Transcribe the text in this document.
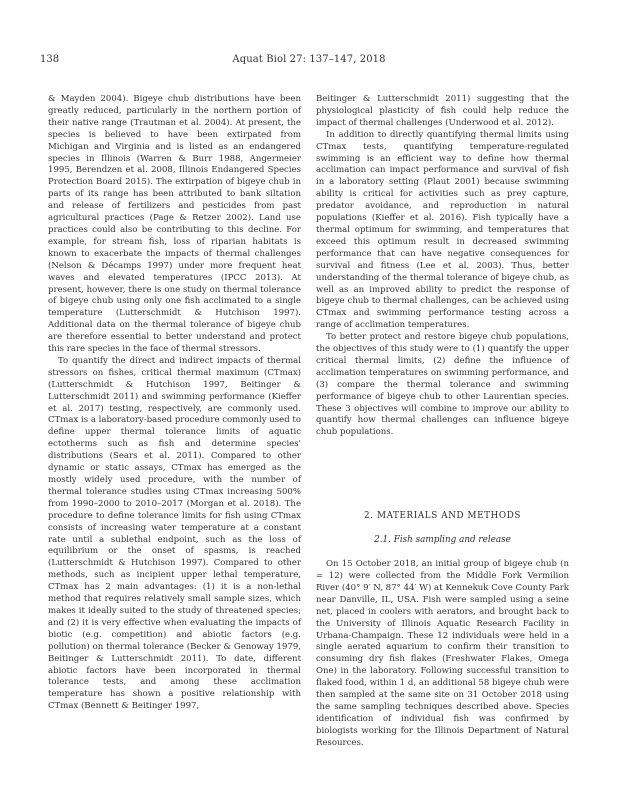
138	Aquat Biol 27: 137–147, 2018

& Mayden 2004). Bigeye chub distributions have been greatly reduced, particularly in the northern portion of their native range (Trautman et al. 2004). At present, the species is believed to have been extirpated from Michigan and Virginia and is listed as an endangered species in Illinois (Warren & Burr 1988, Angermeier 1995, Berendzen et al. 2008, Illinois Endangered Species Protection Board 2015). The extirpation of bigeye chub in parts of its range has been attributed to bank siltation and release of fertilizers and pesticides from past agricultural practices (Page & Retzer 2002). Land use practices could also be contributing to this decline. For example, for stream fish, loss of riparian habitats is known to exacerbate the impacts of thermal challenges (Nelson & Décamps 1997) under more frequent heat waves and elevated temperatures (IPCC 2013). At present, however, there is one study on thermal tolerance of bigeye chub using only one fish acclimated to a single temperature (Lutterschmidt & Hutchison 1997). Additional data on the thermal tolerance of bigeye chub are therefore essential to better understand and protect this rare species in the face of thermal stressors.

To quantify the direct and indirect impacts of thermal stressors on fishes, critical thermal maximum (CTmax) (Lutterschmidt & Hutchison 1997, Beitinger & Lutterschmidt 2011) and swimming performance (Kieffer et al. 2017) testing, respectively, are commonly used. CTmax is a laboratory-based procedure commonly used to define upper thermal tolerance limits of aquatic ectotherms such as fish and determine species' distributions (Sears et al. 2011). Compared to other dynamic or static assays, CTmax has emerged as the mostly widely used procedure, with the number of thermal tolerance studies using CTmax increasing 500% from 1990–2000 to 2010–2017 (Morgan et al. 2018). The procedure to define tolerance limits for fish using CTmax consists of increasing water temperature at a constant rate until a sublethal endpoint, such as the loss of equilibrium or the onset of spasms, is reached (Lutterschmidt & Hutchison 1997). Compared to other methods, such as incipient upper lethal temperature, CTmax has 2 main advantages: (1) it is a non-lethal method that requires relatively small sample sizes, which makes it ideally suited to the study of threatened species; and (2) it is very effective when evaluating the impacts of biotic (e.g. competition) and abiotic factors (e.g. pollution) on thermal tolerance (Becker & Genoway 1979, Beitinger & Lutterschmidt 2011). To date, different abiotic factors have been incorporated in thermal tolerance tests, and among these acclimation temperature has shown a positive relationship with CTmax (Bennett & Beitinger 1997,

Beitinger & Lutterschmidt 2011) suggesting that the physiological plasticity of fish could help reduce the impact of thermal challenges (Underwood et al. 2012).

In addition to directly quantifying thermal limits using CTmax tests, quantifying temperature-regulated swimming is an efficient way to define how thermal acclimation can impact performance and survival of fish in a laboratory setting (Plaut 2001) because swimming ability is critical for activities such as prey capture, predator avoidance, and reproduction in natural populations (Kieffer et al. 2016). Fish typically have a thermal optimum for swimming, and temperatures that exceed this optimum result in decreased swimming performance that can have negative consequences for survival and fitness (Lee et al. 2003). Thus, better understanding of the thermal tolerance of bigeye chub, as well as an improved ability to predict the response of bigeye chub to thermal challenges, can be achieved using CTmax and swimming performance testing across a range of acclimation temperatures.

To better protect and restore bigeye chub populations, the objectives of this study were to (1) quantify the upper critical thermal limits, (2) define the influence of acclimation temperatures on swimming performance, and (3) compare the thermal tolerance and swimming performance of bigeye chub to other Laurentian species. These 3 objectives will combine to improve our ability to quantify how thermal challenges can influence bigeye chub populations.

2. MATERIALS AND METHODS

2.1. Fish sampling and release

On 15 October 2018, an initial group of bigeye chub (n = 12) were collected from the Middle Fork Vermilion River (40° 9′ N, 87° 44′ W) at Kennekuk Cove County Park near Danville, IL, USA. Fish were sampled using a seine net, placed in coolers with aerators, and brought back to the University of Illinois Aquatic Research Facility in Urbana-Champaign. These 12 individuals were held in a single aerated aquarium to confirm their transition to consuming dry fish flakes (Freshwater Flakes, Omega One) in the laboratory. Following successful transition to flaked food, within 1 d, an additional 58 bigeye chub were then sampled at the same site on 31 October 2018 using the same sampling techniques described above. Species identification of individual fish was confirmed by biologists working for the Illinois Department of Natural Resources.
